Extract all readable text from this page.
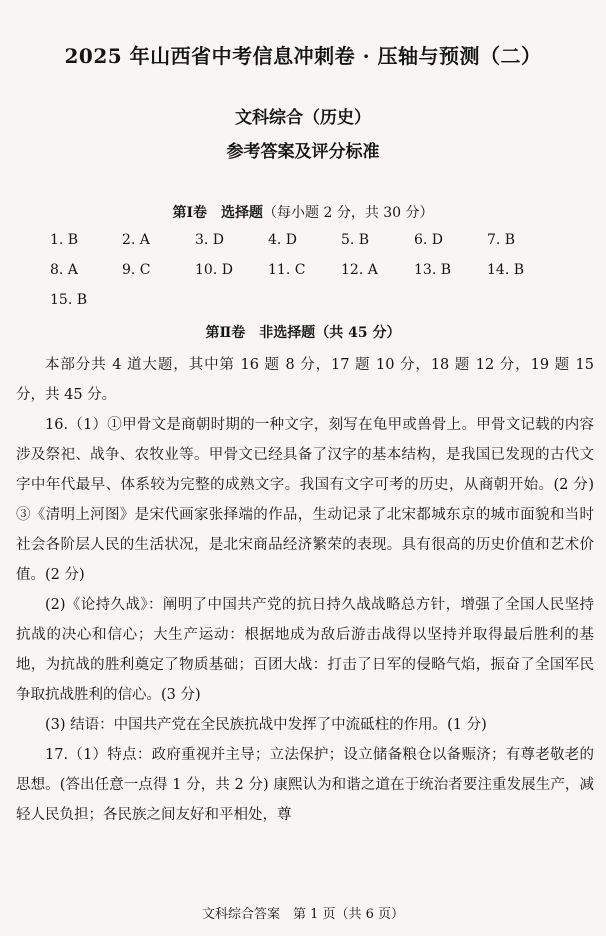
2025 年山西省中考信息冲刺卷 · 压轴与预测（二）
文科综合（历史）
参考答案及评分标准
第Ⅰ卷　选择题（每小题 2 分，共 30 分）
1. B	2. A	3. D	4. D	5. B	6. D	7. B
8. A	9. C	10. D	11. C	12. A	13. B	14. B
15. B
第Ⅱ卷　非选择题（共 45 分）

本部分共 4 道大题，其中第 16 题 8 分，17 题 10 分，18 题 12 分，19 题 15 分，共 45 分。

16.（1）①甲骨文是商朝时期的一种文字，刻写在龟甲或兽骨上。甲骨文记载的内容涉及祭祀、战争、农牧业等。甲骨文已经具备了汉字的基本结构，是我国已发现的古代文字中年代最早、体系较为完整的成熟文字。我国有文字可考的历史，从商朝开始。(2 分) ③《清明上河图》是宋代画家张择端的作品，生动记录了北宋都城东京的城市面貌和当时社会各阶层人民的生活状况，是北宋商品经济繁荣的表现。具有很高的历史价值和艺术价值。(2 分)

(2)《论持久战》：阐明了中国共产党的抗日持久战战略总方针，增强了全国人民坚持抗战的决心和信心；大生产运动：根据地成为敌后游击战得以坚持并取得最后胜利的基地，为抗战的胜利奠定了物质基础；百团大战：打击了日军的侵略气焰，振奋了全国军民争取抗战胜利的信心。(3 分)

(3) 结语：中国共产党在全民族抗战中发挥了中流砥柱的作用。(1 分)

17.（1）特点：政府重视并主导；立法保护；设立储备粮仓以备赈济；有尊老敬老的思想。(答出任意一点得 1 分，共 2 分) 康熙认为和谐之道在于统治者要注重发展生产，减轻人民负担；各民族之间友好和平相处，尊

文科综合答案　第 1 页（共 6 页）
